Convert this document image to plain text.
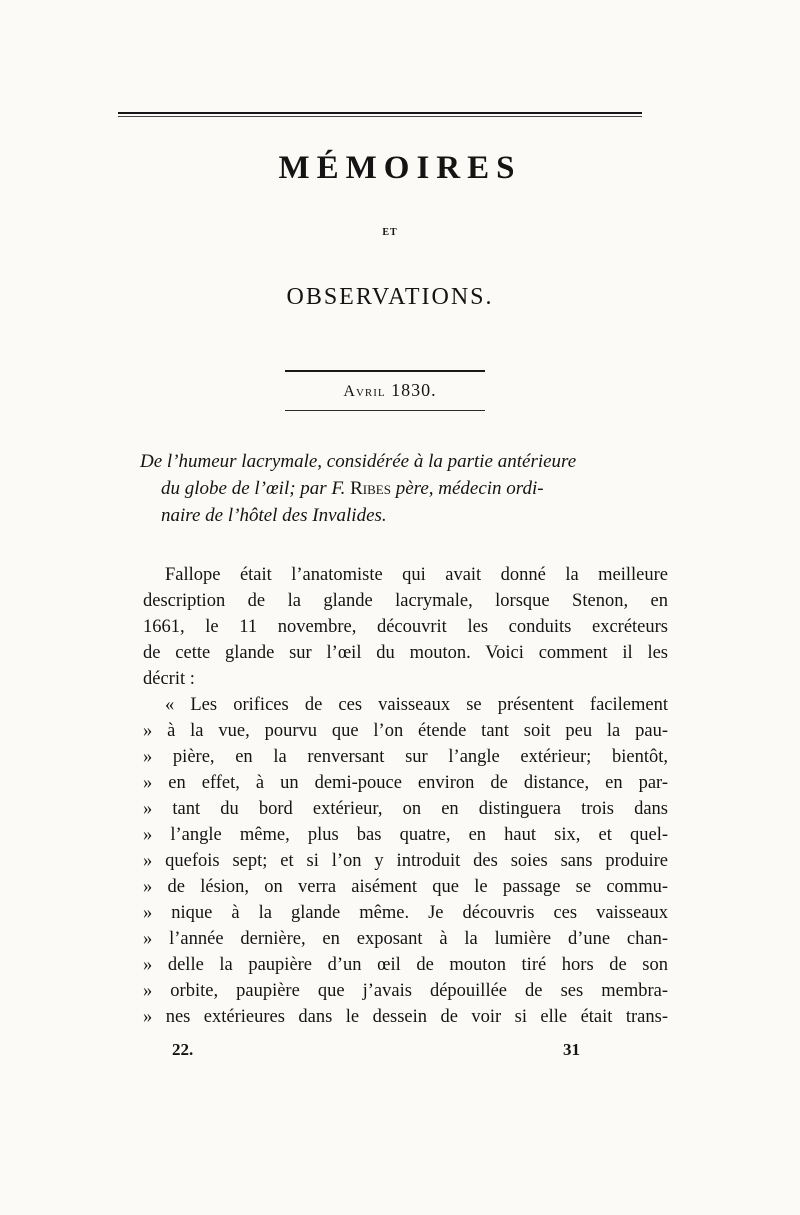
MÉMOIRES
ET
OBSERVATIONS.
Avril 1830.
De l’humeur lacrymale, considérée à la partie antérieure
du globe de l’œil; par F. Ribes père, médecin ordi-
naire de l’hôtel des Invalides.
Fallope était l’anatomiste qui avait donné la meilleure
description de la glande lacrymale, lorsque Stenon, en
1661, le 11 novembre, découvrit les conduits excréteurs
de cette glande sur l’œil du mouton. Voici comment il les
décrit :
« Les orifices de ces vaisseaux se présentent facilement
» à la vue, pourvu que l’on étende tant soit peu la pau-
» pière, en la renversant sur l’angle extérieur; bientôt,
» en effet, à un demi-pouce environ de distance, en par-
» tant du bord extérieur, on en distinguera trois dans
» l’angle même, plus bas quatre, en haut six, et quel-
» quefois sept; et si l’on y introduit des soies sans produire
» de lésion, on verra aisément que le passage se commu-
» nique à la glande même. Je découvris ces vaisseaux
» l’année dernière, en exposant à la lumière d’une chan-
» delle la paupière d’un œil de mouton tiré hors de son
» orbite, paupière que j’avais dépouillée de ses membra-
» nes extérieures dans le dessein de voir si elle était trans-
22.	31
